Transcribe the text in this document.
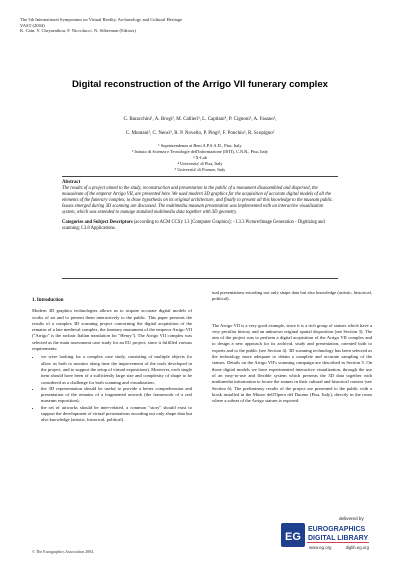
The 5th International Symposium on Virtual Reality, Archaeology and Cultural Heritage
VAST (2004)
K. Cain, Y. Chrysanthou, F. Niccolucci, N. Silberman (Editors)
Digital reconstruction of the Arrigo VII funerary complex
C. Baracchini¹, A. Brogi², M. Callieri², L. Capitani⁴, P. Cignoni², A. Fasano²,
C. Montani², C. Nenci³, R. P. Novello, P. Pingi², F. Ponchio², R. Scopigno²
¹ Soprintendenza ai Beni A.P.S.A.D., Pisa, Italy
² Istituto di Scienza e Tecnologie dell'Informazione (ISTI), C.N.R., Pisa, Italy
³ X-Lab
⁴ Universita' di Pisa, Italy
⁵ Universita' di Firenze, Italy
Abstract
The results of a project aimed to the study, reconstruction and presentation to the public of a monument disassembled and dispersed, the mausoleum of the emperor Arrigo VII, are presented here. We used modern 3D graphics for the acquisition of accurate digital models of all the elements of the funerary complex, to draw hypothesis on its original architecture, and finally to present all this knowledge to the museum public. Issues emerged during 3D scanning are discussed. The multimedia museum presentation was implemented with an interactive visualization system, which was extended to manage standard multimedia data together with 3D geometry.
Categories and Subject Descriptors (according to ACM CCS): I.3 [Computer Graphics]: - I.3.3 Picture/Image Generation - Digitizing and scanning; I.3.8 Applications.
1. Introduction

Modern 3D graphics technologies allows us to acquire accurate digital models of works of art and to present them interactively to the public. This paper presents the results of a complex 3D scanning project concerning the digital acquisition of the remains of a late medieval complex, the funerary monument of the emperor Arrigo VII ("Arrigo" is the archaic Italian translation for "Henry"). The Arrigo VII complex was selected as the main assessment case study for an EU project, since it fulfilled various requirements:

• we were looking for a complex case study, consisting of multiple objects (to allow us both to monitor along time the improvement of the tools developed in the project, and to support the setup of virtual expositions). Moreover, each single item should have been of a sufficiently large size and complexity of shape to be considered as a challenge for both scanning and visualization;
• the 3D representation should be useful to provide a better comprehension and presentation of the remains of a fragmented artwork (the framework of a real museum exposition);
• the set of artworks should be inter-related, a common "story" should exist to support the development of virtual presentations encoding not only shape data but also knowledge (artistic, historical, political).

tual presentations encoding not only shape data but also knowledge (artistic, historical, political).

The Arrigo VII is a very good example, since it is a rich group of statues which have a very peculiar history and an unknown original spatial disposition (see Section 3). The aim of the project was to perform a digital acquisition of the Arrigo VII complex and to design a new approach for its archival, study and presentation, oriented both to experts and to the public (see Section 4). 3D scanning technology has been selected as the technology more adequate to obtain a complete and accurate sampling of the statues. Details on the Arrigo VII's scanning campaign are described in Section 5. On those digital models we have experimented interactive visualization, through the use of an easy-to-use and flexible system which presents the 3D data together with multimedia information to locate the statues in their cultural and historical context (see Section 6). The preliminary results of the project are presented to the public with a kiosk installed in the Museo dell'Opera del Duomo (Pisa, Italy), directly in the room where a subset of the Arrigo statues is exposed.

© The Eurographics Association 2004.
delivered by
EG
EUROGRAPHICS
DIGITAL LIBRARY
www.eg.org	diglib.eg.org
